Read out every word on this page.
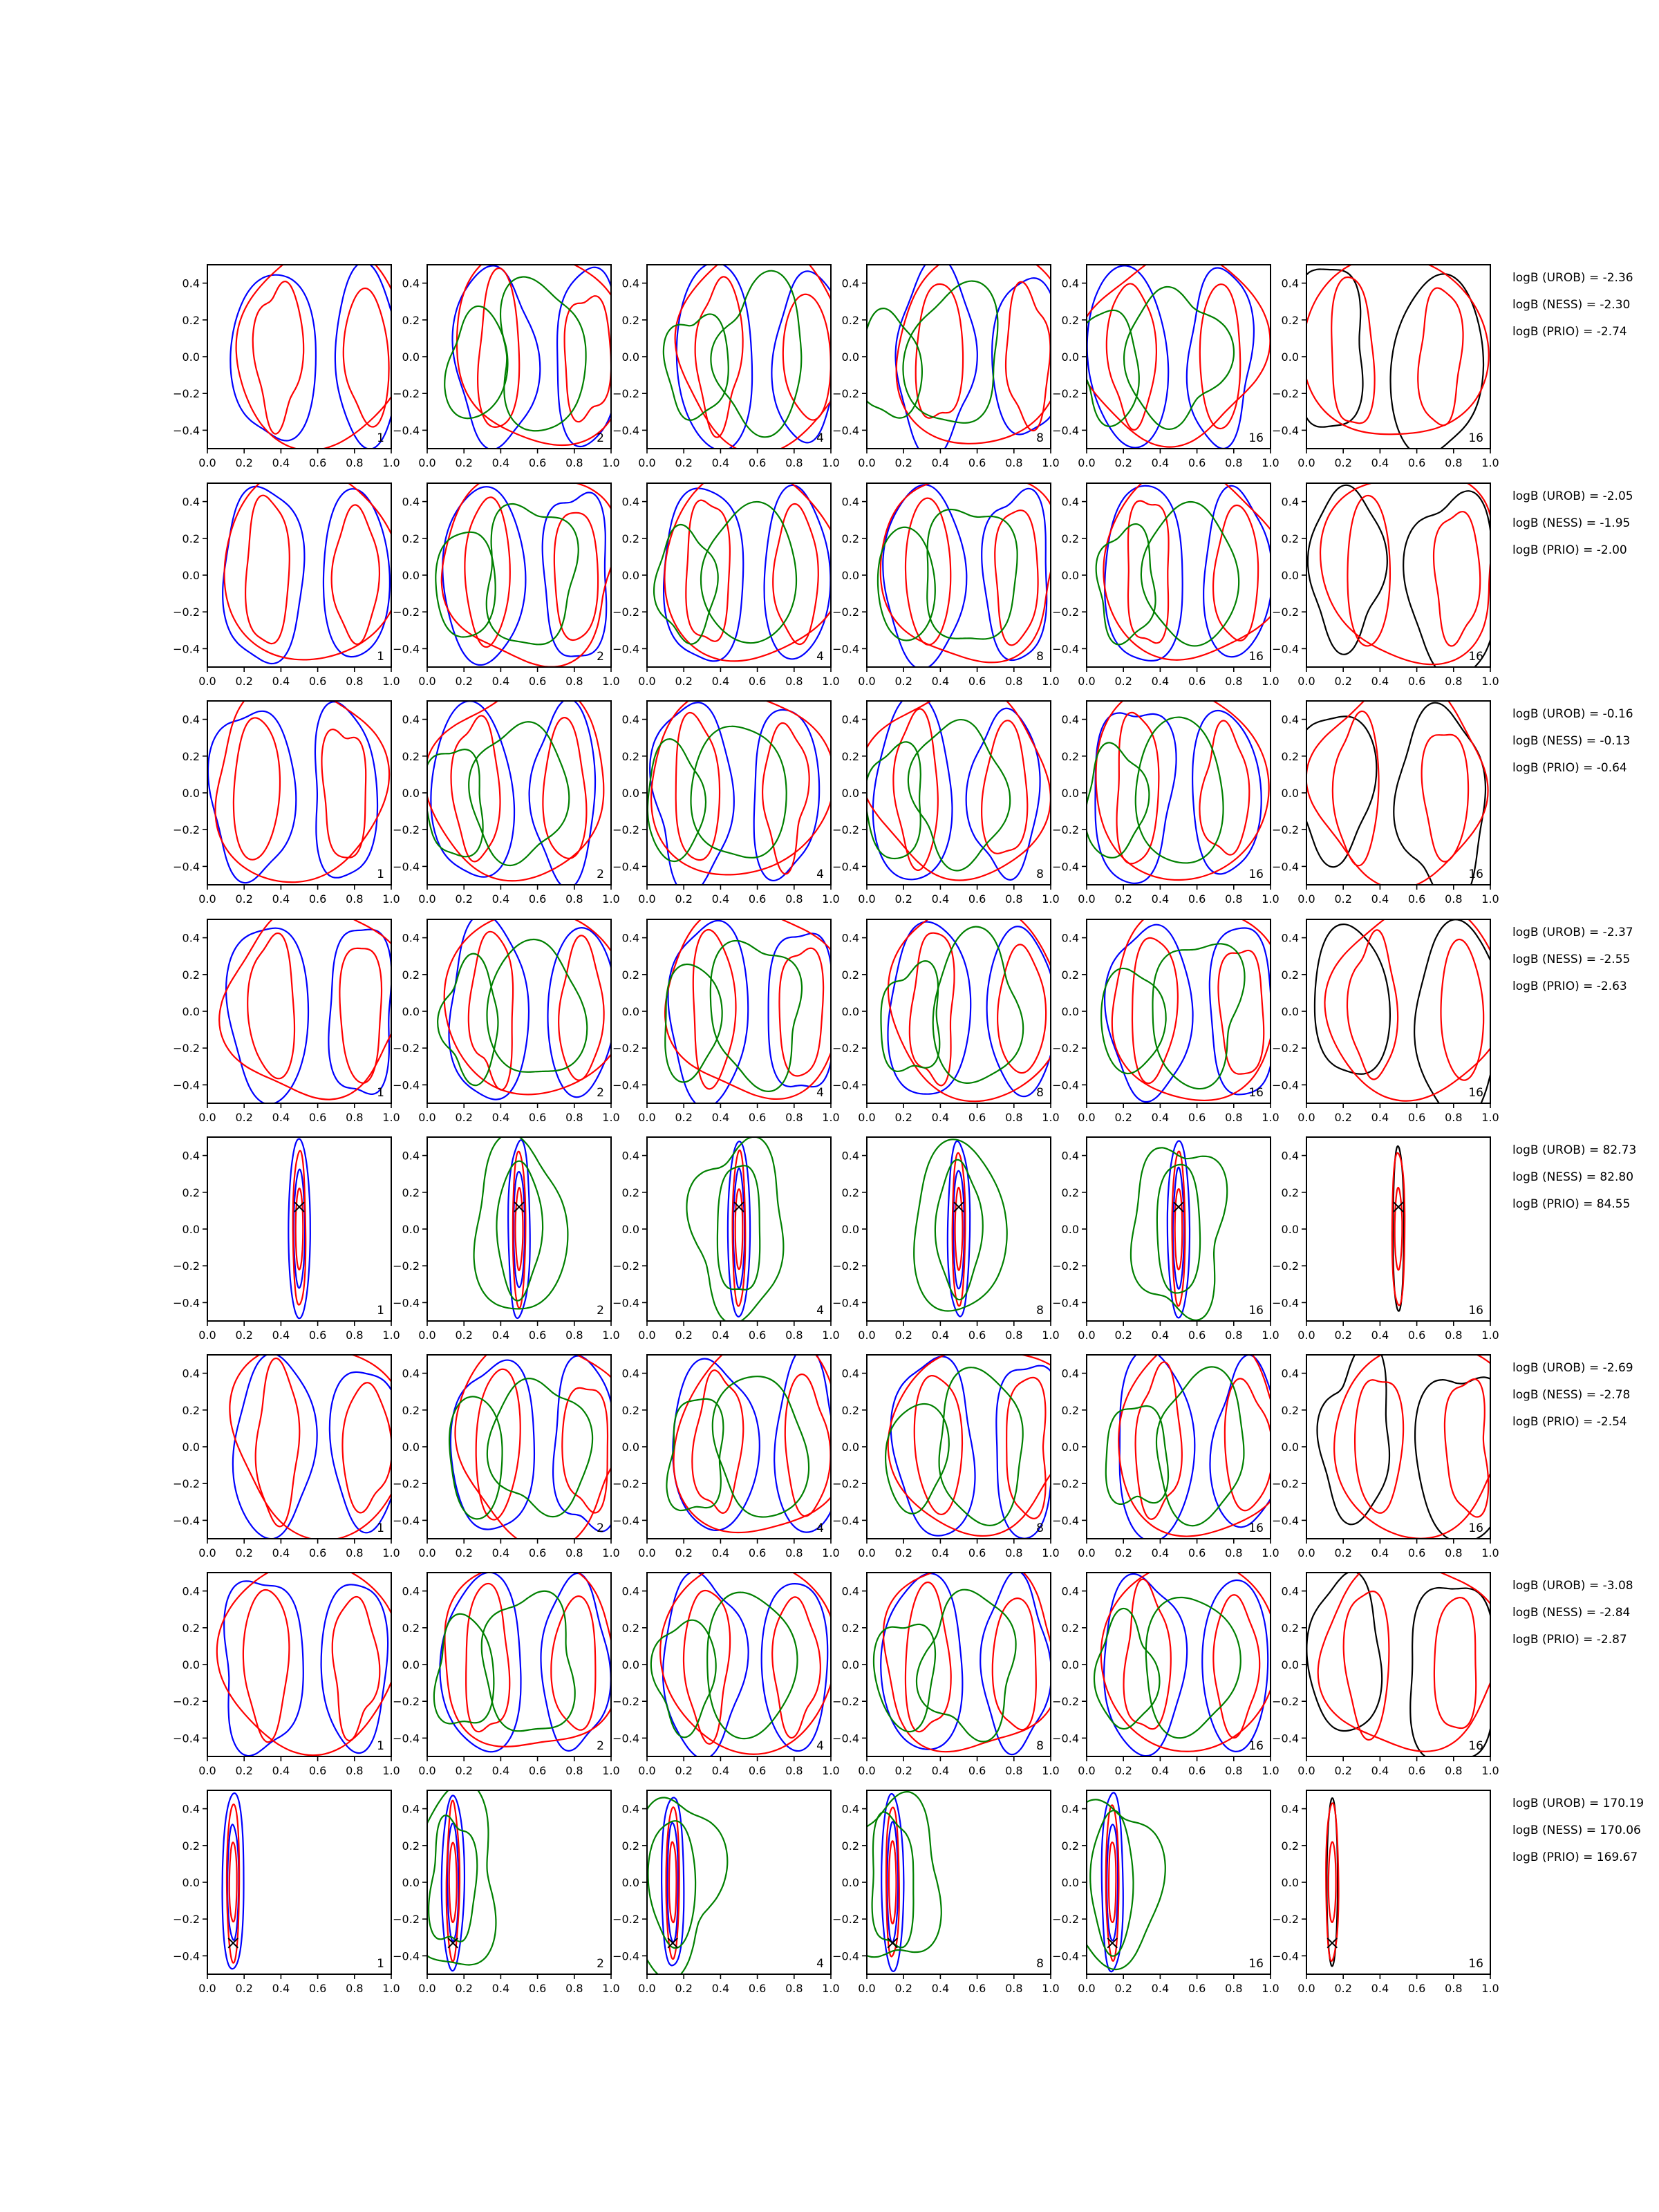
0.4
0.2
0.0
−0.2
−0.4
0.0 0.2 0.4 0.6 0.8 1.0
1
0.4
0.2
0.0
−0.2
−0.4
0.0 0.2 0.4 0.6 0.8 1.0
2
0.4
0.2
0.0
−0.2
−0.4
0.0 0.2 0.4 0.6 0.8 1.0
4
0.4
0.2
0.0
−0.2
−0.4
0.0 0.2 0.4 0.6 0.8 1.0
8
0.4
0.2
0.0
−0.2
−0.4
0.0 0.2 0.4 0.6 0.8 1.0
16
0.4
0.2
0.0
−0.2
−0.4
0.0 0.2 0.4 0.6 0.8 1.0
16
logB (UROB) = -2.36
logB (NESS) = -2.30
logB (PRIO) = -2.74
0.4
0.2
0.0
−0.2
−0.4
0.0 0.2 0.4 0.6 0.8 1.0
1
0.4
0.2
0.0
−0.2
−0.4
0.0 0.2 0.4 0.6 0.8 1.0
2
0.4
0.2
0.0
−0.2
−0.4
0.0 0.2 0.4 0.6 0.8 1.0
4
0.4
0.2
0.0
−0.2
−0.4
0.0 0.2 0.4 0.6 0.8 1.0
8
0.4
0.2
0.0
−0.2
−0.4
0.0 0.2 0.4 0.6 0.8 1.0
16
0.4
0.2
0.0
−0.2
−0.4
0.0 0.2 0.4 0.6 0.8 1.0
16
logB (UROB) = -2.05
logB (NESS) = -1.95
logB (PRIO) = -2.00
0.4
0.2
0.0
−0.2
−0.4
0.0 0.2 0.4 0.6 0.8 1.0
1
0.4
0.2
0.0
−0.2
−0.4
0.0 0.2 0.4 0.6 0.8 1.0
2
0.4
0.2
0.0
−0.2
−0.4
0.0 0.2 0.4 0.6 0.8 1.0
4
0.4
0.2
0.0
−0.2
−0.4
0.0 0.2 0.4 0.6 0.8 1.0
8
0.4
0.2
0.0
−0.2
−0.4
0.0 0.2 0.4 0.6 0.8 1.0
16
0.4
0.2
0.0
−0.2
−0.4
0.0 0.2 0.4 0.6 0.8 1.0
16
logB (UROB) = -0.16
logB (NESS) = -0.13
logB (PRIO) = -0.64
0.4
0.2
0.0
−0.2
−0.4
0.0 0.2 0.4 0.6 0.8 1.0
1
0.4
0.2
0.0
−0.2
−0.4
0.0 0.2 0.4 0.6 0.8 1.0
2
0.4
0.2
0.0
−0.2
−0.4
0.0 0.2 0.4 0.6 0.8 1.0
4
0.4
0.2
0.0
−0.2
−0.4
0.0 0.2 0.4 0.6 0.8 1.0
8
0.4
0.2
0.0
−0.2
−0.4
0.0 0.2 0.4 0.6 0.8 1.0
16
0.4
0.2
0.0
−0.2
−0.4
0.0 0.2 0.4 0.6 0.8 1.0
16
logB (UROB) = -2.37
logB (NESS) = -2.55
logB (PRIO) = -2.63
0.4
0.2
0.0
−0.2
−0.4
0.0 0.2 0.4 0.6 0.8 1.0
1
0.4
0.2
0.0
−0.2
−0.4
0.0 0.2 0.4 0.6 0.8 1.0
2
0.4
0.2
0.0
−0.2
−0.4
0.0 0.2 0.4 0.6 0.8 1.0
4
0.4
0.2
0.0
−0.2
−0.4
0.0 0.2 0.4 0.6 0.8 1.0
8
0.4
0.2
0.0
−0.2
−0.4
0.0 0.2 0.4 0.6 0.8 1.0
16
0.4
0.2
0.0
−0.2
−0.4
0.0 0.2 0.4 0.6 0.8 1.0
16
logB (UROB) = 82.73
logB (NESS) = 82.80
logB (PRIO) = 84.55
0.4
0.2
0.0
−0.2
−0.4
0.0 0.2 0.4 0.6 0.8 1.0
1
0.4
0.2
0.0
−0.2
−0.4
0.0 0.2 0.4 0.6 0.8 1.0
2
0.4
0.2
0.0
−0.2
−0.4
0.0 0.2 0.4 0.6 0.8 1.0
4
0.4
0.2
0.0
−0.2
−0.4
0.0 0.2 0.4 0.6 0.8 1.0
8
0.4
0.2
0.0
−0.2
−0.4
0.0 0.2 0.4 0.6 0.8 1.0
16
0.4
0.2
0.0
−0.2
−0.4
0.0 0.2 0.4 0.6 0.8 1.0
16
logB (UROB) = -2.69
logB (NESS) = -2.78
logB (PRIO) = -2.54
0.4
0.2
0.0
−0.2
−0.4
0.0 0.2 0.4 0.6 0.8 1.0
1
0.4
0.2
0.0
−0.2
−0.4
0.0 0.2 0.4 0.6 0.8 1.0
2
0.4
0.2
0.0
−0.2
−0.4
0.0 0.2 0.4 0.6 0.8 1.0
4
0.4
0.2
0.0
−0.2
−0.4
0.0 0.2 0.4 0.6 0.8 1.0
8
0.4
0.2
0.0
−0.2
−0.4
0.0 0.2 0.4 0.6 0.8 1.0
16
0.4
0.2
0.0
−0.2
−0.4
0.0 0.2 0.4 0.6 0.8 1.0
16
logB (UROB) = -3.08
logB (NESS) = -2.84
logB (PRIO) = -2.87
0.4
0.2
0.0
−0.2
−0.4
0.0 0.2 0.4 0.6 0.8 1.0
1
0.4
0.2
0.0
−0.2
−0.4
0.0 0.2 0.4 0.6 0.8 1.0
2
0.4
0.2
0.0
−0.2
−0.4
0.0 0.2 0.4 0.6 0.8 1.0
4
0.4
0.2
0.0
−0.2
−0.4
0.0 0.2 0.4 0.6 0.8 1.0
8
0.4
0.2
0.0
−0.2
−0.4
0.0 0.2 0.4 0.6 0.8 1.0
16
0.4
0.2
0.0
−0.2
−0.4
0.0 0.2 0.4 0.6 0.8 1.0
16
logB (UROB) = 170.19
logB (NESS) = 170.06
logB (PRIO) = 169.67
